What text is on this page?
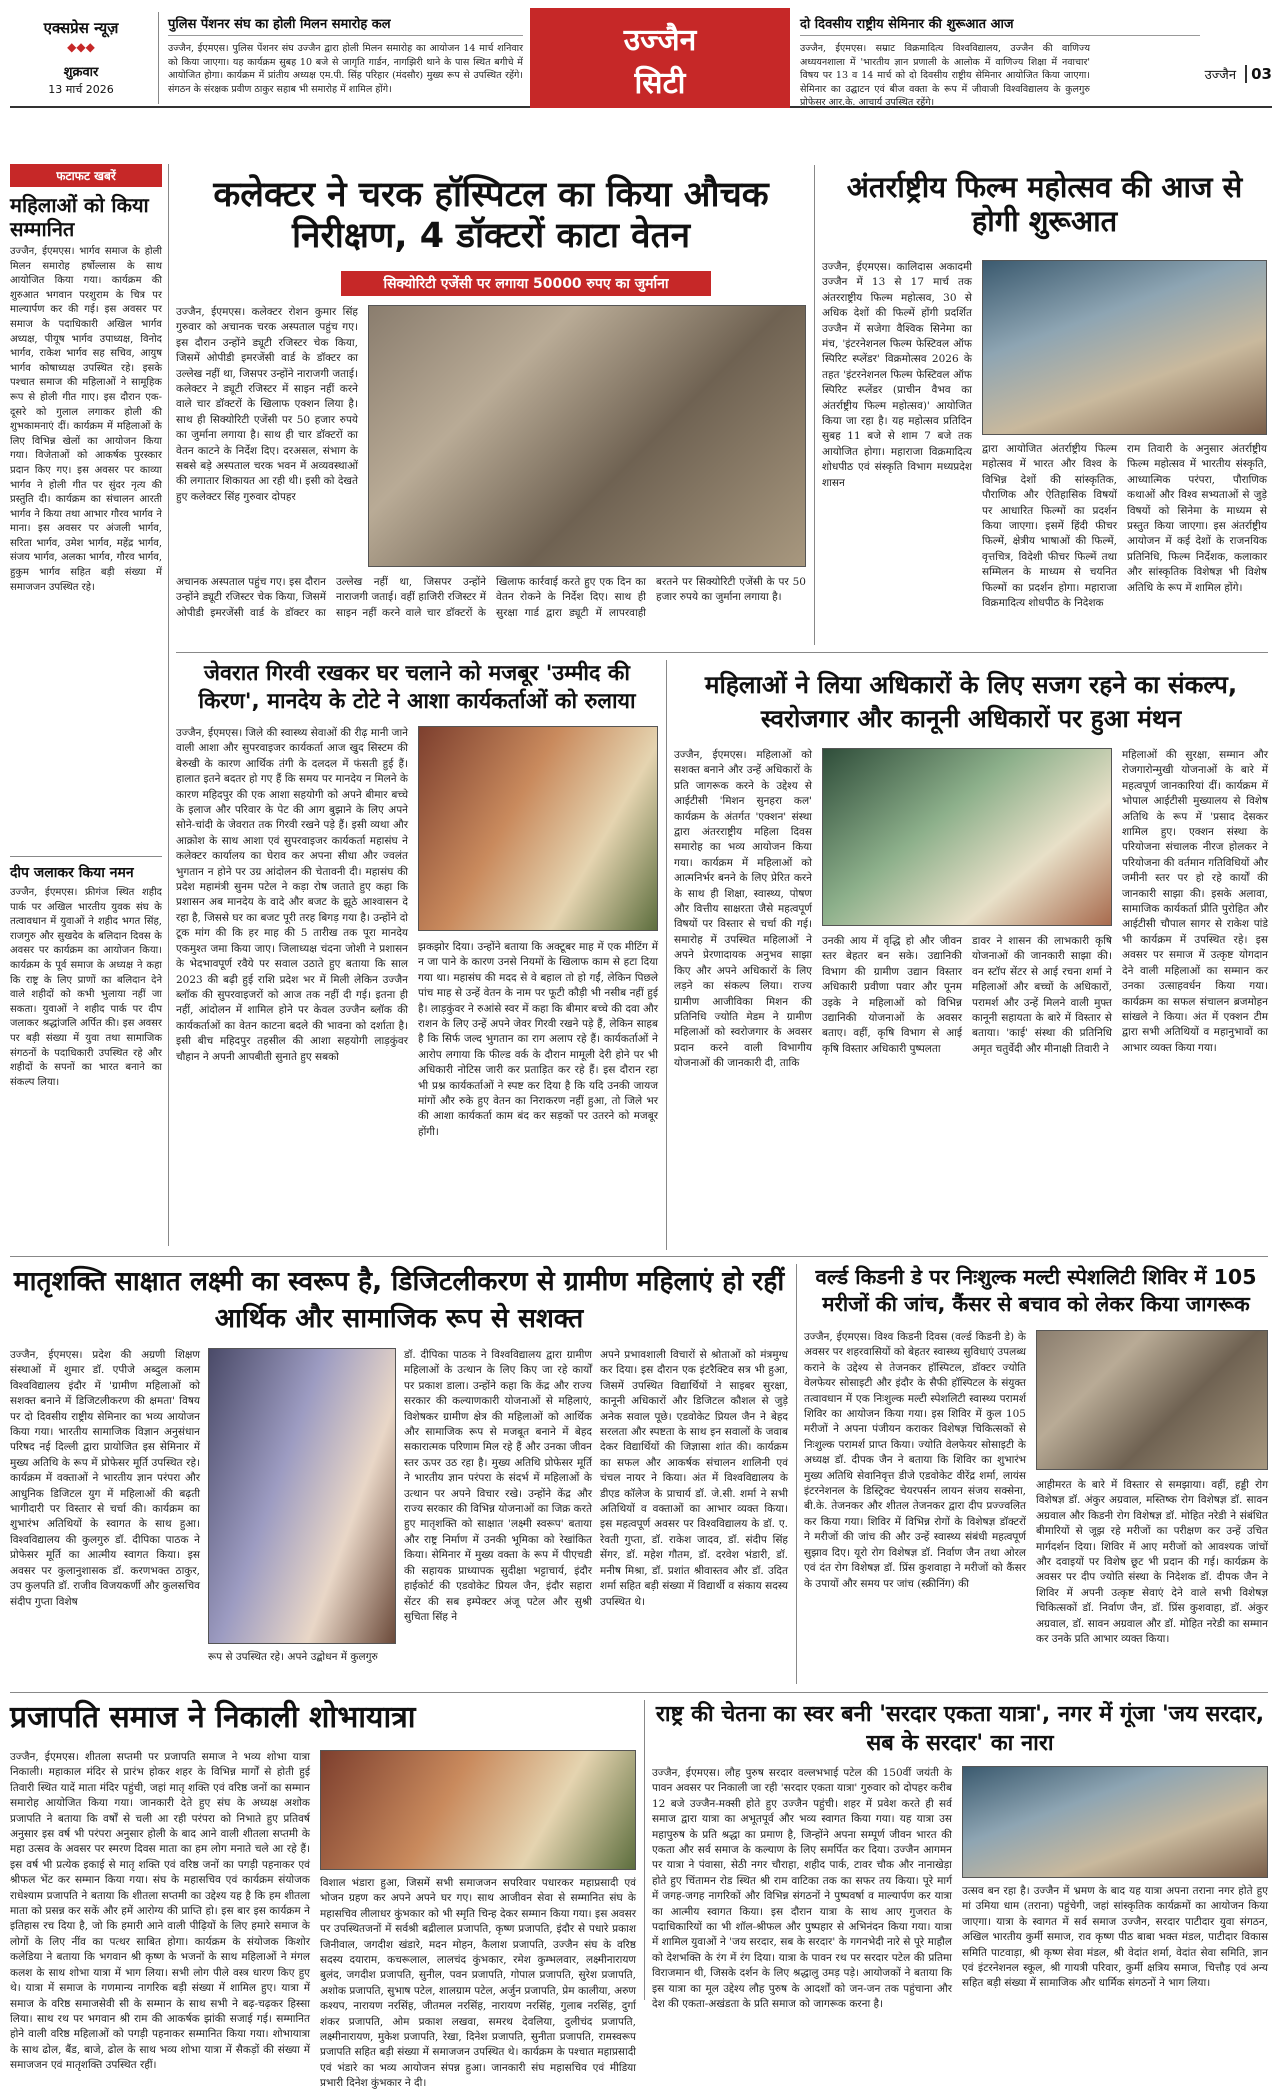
एक्सप्रेस न्यूज़
◆◆◆
शुक्रवार
13 मार्च 2026
पुलिस पेंशनर संघ का होली मिलन समारोह कल
उज्जैन, ईएमएस। पुलिस पेंशनर संघ उज्जैन द्वारा होली मिलन समारोह का आयोजन 14 मार्च शनिवार को किया जाएगा। यह कार्यक्रम सुबह 10 बजे से जागृति गार्डन, नागझिरी थाने के पास स्थित बगीचे में आयोजित होगा। कार्यक्रम में प्रांतीय अध्यक्ष एम.पी. सिंह परिहार (मंदसौर) मुख्य रूप से उपस्थित रहेंगे। संगठन के संरक्षक प्रवीण ठाकुर सहाब भी समारोह में शामिल होंगे।
उज्जैन
सिटी
दो दिवसीय राष्ट्रीय सेमिनार की शुरूआत आज
उज्जैन, ईएमएस। सम्राट विक्रमादित्य विश्वविद्यालय, उज्जैन की वाणिज्य अध्ययनशाला में 'भारतीय ज्ञान प्रणाली के आलोक में वाणिज्य शिक्षा में नवाचार' विषय पर 13 व 14 मार्च को दो दिवसीय राष्ट्रीय सेमिनार आयोजित किया जाएगा। सेमिनार का उद्घाटन एवं बीज वक्ता के रूप में जीवाजी विश्वविद्यालय के कुलगुरु प्रोफेसर आर.के. आचार्य उपस्थित रहेंगे।
उज्जैन 03
फटाफट खबरें
महिलाओं को किया सम्मानित
उज्जैन, ईएमएस। भार्गव समाज के होली मिलन समारोह हर्षोल्लास के साथ आयोजित किया गया। कार्यक्रम की शुरुआत भगवान परशुराम के चित्र पर माल्यार्पण कर की गई। इस अवसर पर समाज के पदाधिकारी अखिल भार्गव अध्यक्ष, पीयूष भार्गव उपाध्यक्ष, विनोद भार्गव, राकेश भार्गव सह सचिव, आयुष भार्गव कोषाध्यक्ष उपस्थित रहे। इसके पश्चात समाज की महिलाओं ने सामूहिक रूप से होली गीत गाए। इस दौरान एक-दूसरे को गुलाल लगाकर होली की शुभकामनाएं दीं। कार्यक्रम में महिलाओं के लिए विभिन्न खेलों का आयोजन किया गया। विजेताओं को आकर्षक पुरस्कार प्रदान किए गए। इस अवसर पर काव्या भार्गव ने होली गीत पर सुंदर नृत्य की प्रस्तुति दी। कार्यक्रम का संचालन आरती भार्गव ने किया तथा आभार गौरव भार्गव ने माना। इस अवसर पर अंजली भार्गव, सरिता भार्गव, उमेश भार्गव, महेंद्र भार्गव, संजय भार्गव, अलका भार्गव, गौरव भार्गव, हुकुम भार्गव सहित बड़ी संख्या में समाजजन उपस्थित रहे।
दीप जलाकर किया नमन
उज्जैन, ईएमएस। फ्रीगंज स्थित शहीद पार्क पर अखिल भारतीय युवक संघ के तत्वावधान में युवाओं ने शहीद भगत सिंह, राजगुरु और सुखदेव के बलिदान दिवस के अवसर पर कार्यक्रम का आयोजन किया। कार्यक्रम के पूर्व समाज के अध्यक्ष ने कहा कि राष्ट्र के लिए प्राणों का बलिदान देने वाले शहीदों को कभी भुलाया नहीं जा सकता। युवाओं ने शहीद पार्क पर दीप जलाकर श्रद्धांजलि अर्पित की। इस अवसर पर बड़ी संख्या में युवा तथा सामाजिक संगठनों के पदाधिकारी उपस्थित रहे और शहीदों के सपनों का भारत बनाने का संकल्प लिया।
कलेक्टर ने चरक हॉस्पिटल का किया औचक निरीक्षण, 4 डॉक्टरों काटा वेतन
सिक्योरिटी एजेंसी पर लगाया 50000 रुपए का जुर्माना
उज्जैन, ईएमएस। कलेक्टर रोशन कुमार सिंह गुरुवार को अचानक चरक अस्पताल पहुंच गए। इस दौरान उन्होंने ड्यूटी रजिस्टर चेक किया, जिसमें ओपीडी इमरजेंसी वार्ड के डॉक्टर का उल्लेख नहीं था, जिसपर उन्होंने नाराजगी जताई। कलेक्टर ने ड्यूटी रजिस्टर में साइन नहीं करने वाले चार डॉक्टरों के खिलाफ एक्शन लिया है। साथ ही सिक्योरिटी एजेंसी पर 50 हजार रुपये का जुर्माना लगाया है। साथ ही चार डॉक्टरों का वेतन काटने के निर्देश दिए। दरअसल, संभाग के सबसे बड़े अस्पताल चरक भवन में अव्यवस्थाओं की लगातार शिकायत आ रही थी। इसी को देखते हुए कलेक्टर सिंह गुरुवार दोपहर
अचानक अस्पताल पहुंच गए। इस दौरान उन्होंने ड्यूटी रजिस्टर चेक किया, जिसमें ओपीडी इमरजेंसी वार्ड के डॉक्टर का उल्लेख नहीं था, जिसपर उन्होंने नाराजगी जताई। वहीं हाजिरी रजिस्टर में साइन नहीं करने वाले चार डॉक्टरों के खिलाफ कार्रवाई करते हुए एक दिन का वेतन रोकने के निर्देश दिए। साथ ही सुरक्षा गार्ड द्वारा ड्यूटी में लापरवाही बरतने पर सिक्योरिटी एजेंसी के पर 50 हजार रुपये का जुर्माना लगाया है।
अंतर्राष्ट्रीय फिल्म महोत्सव की आज से होगी शुरूआत
उज्जैन, ईएमएस। कालिदास अकादमी उज्जैन में 13 से 17 मार्च तक अंतरराष्ट्रीय फिल्म महोत्सव, 30 से अधिक देशों की फिल्में होंगी प्रदर्शित उज्जैन में सजेगा वैश्विक सिनेमा का मंच, 'इंटरनेशनल फिल्म फेस्टिवल ऑफ स्पिरिट स्प्लेंडर' विक्रमोत्सव 2026 के तहत 'इंटरनेशनल फिल्म फेस्टिवल ऑफ स्पिरिट स्प्लेंडर (प्राचीन वैभव का अंतर्राष्ट्रीय फिल्म महोत्सव)' आयोजित किया जा रहा है। यह महोत्सव प्रतिदिन सुबह 11 बजे से शाम 7 बजे तक आयोजित होगा। महाराजा विक्रमादित्य शोधपीठ एवं संस्कृति विभाग मध्यप्रदेश शासन
द्वारा आयोजित अंतर्राष्ट्रीय फिल्म महोत्सव में भारत और विश्व के विभिन्न देशों की सांस्कृतिक, पौराणिक और ऐतिहासिक विषयों पर आधारित फिल्मों का प्रदर्शन किया जाएगा। इसमें हिंदी फीचर फिल्में, क्षेत्रीय भाषाओं की फिल्में, वृत्तचित्र, विदेशी फीचर फिल्में तथा सम्मिलन के माध्यम से चयनित फिल्मों का प्रदर्शन होगा। महाराजा विक्रमादित्य शोधपीठ के निदेशक
राम तिवारी के अनुसार अंतर्राष्ट्रीय फिल्म महोत्सव में भारतीय संस्कृति, आध्यात्मिक परंपरा, पौराणिक कथाओं और विश्व सभ्यताओं से जुड़े विषयों को सिनेमा के माध्यम से प्रस्तुत किया जाएगा। इस अंतर्राष्ट्रीय आयोजन में कई देशों के राजनयिक प्रतिनिधि, फिल्म निर्देशक, कलाकार और सांस्कृतिक विशेषज्ञ भी विशेष अतिथि के रूप में शामिल होंगे।
जेवरात गिरवी रखकर घर चलाने को मजबूर 'उम्मीद की किरण', मानदेय के टोटे ने आशा कार्यकर्ताओं को रुलाया
उज्जैन, ईएमएस। जिले की स्वास्थ्य सेवाओं की रीढ़ मानी जाने वाली आशा और सुपरवाइजर कार्यकर्ता आज खुद सिस्टम की बेरुखी के कारण आर्थिक तंगी के दलदल में फंसती हुई हैं। हालात इतने बदतर हो गए हैं कि समय पर मानदेय न मिलने के कारण महिदपुर की एक आशा सहयोगी को अपने बीमार बच्चे के इलाज और परिवार के पेट की आग बुझाने के लिए अपने सोने-चांदी के जेवरात तक गिरवी रखने पड़े हैं। इसी व्यथा और आक्रोश के साथ आशा एवं सुपरवाइजर कार्यकर्ता महासंघ ने कलेक्टर कार्यालय का घेराव कर अपना सीधा और ज्वलंत भुगतान न होने पर उग्र आंदोलन की चेतावनी दी। महासंघ की प्रदेश महामंत्री सुनम पटेल ने कड़ा रोष जताते हुए कहा कि प्रशासन अब मानदेय के वादे और बजट के झूठे आश्वासन दे रहा है, जिससे घर का बजट पूरी तरह बिगड़ गया है। उन्होंने दो टूक मांग की कि हर माह की 5 तारीख तक पूरा मानदेय एकमुश्त जमा किया जाए। जिलाध्यक्ष चंदना जोशी ने प्रशासन के भेदभावपूर्ण रवैये पर सवाल उठाते हुए बताया कि साल 2023 की बढ़ी हुई राशि प्रदेश भर में मिली लेकिन उज्जैन ब्लॉक की सुपरवाइजरों को आज तक नहीं दी गई। इतना ही नहीं, आंदोलन में शामिल होने पर केवल उज्जैन ब्लॉक की कार्यकर्ताओं का वेतन काटना बदले की भावना को दर्शाता है। इसी बीच महिदपुर तहसील की आशा सहयोगी लाड़कुंवर चौहान ने अपनी आपबीती सुनाते हुए सबको
झकझोर दिया। उन्होंने बताया कि अक्टूबर माह में एक मीटिंग में न जा पाने के कारण उनसे नियमों के खिलाफ काम से हटा दिया गया था। महासंघ की मदद से वे बहाल तो हो गईं, लेकिन पिछले पांच माह से उन्हें वेतन के नाम पर फूटी कौड़ी भी नसीब नहीं हुई है। लाड़कुंवर ने रुआंसे स्वर में कहा कि बीमार बच्चे की दवा और राशन के लिए उन्हें अपने जेवर गिरवी रखने पड़े हैं, लेकिन साहब है कि सिर्फ जल्द भुगतान का राग अलाप रहे हैं। कार्यकर्ताओं ने आरोप लगाया कि फील्ड वर्क के दौरान मामूली देरी होने पर भी अधिकारी नोटिस जारी कर प्रताड़ित कर रहे हैं। इस दौरान रहा भी प्रश्न कार्यकर्ताओं ने स्पष्ट कर दिया है कि यदि उनकी जायज मांगों और रुके हुए वेतन का निराकरण नहीं हुआ, तो जिले भर की आशा कार्यकर्ता काम बंद कर सड़कों पर उतरने को मजबूर होंगी।
महिलाओं ने लिया अधिकारों के लिए सजग रहने का संकल्प, स्वरोजगार और कानूनी अधिकारों पर हुआ मंथन
उज्जैन, ईएमएस। महिलाओं को सशक्त बनाने और उन्हें अधिकारों के प्रति जागरूक करने के उद्देश्य से आईटीसी 'मिशन सुनहरा कल' कार्यक्रम के अंतर्गत 'एक्शन' संस्था द्वारा अंतरराष्ट्रीय महिला दिवस समारोह का भव्य आयोजन किया गया। कार्यक्रम में महिलाओं को आत्मनिर्भर बनने के लिए प्रेरित करने के साथ ही शिक्षा, स्वास्थ्य, पोषण और वित्तीय साक्षरता जैसे महत्वपूर्ण विषयों पर विस्तार से चर्चा की गई। समारोह में उपस्थित महिलाओं ने अपने प्रेरणादायक अनुभव साझा किए और अपने अधिकारों के लिए लड़ने का संकल्प लिया। राज्य ग्रामीण आजीविका मिशन की प्रतिनिधि ज्योति मेडम ने ग्रामीण महिलाओं को स्वरोजगार के अवसर प्रदान करने वाली विभागीय योजनाओं की जानकारी दी, ताकि
उनकी आय में वृद्धि हो और जीवन स्तर बेहतर बन सके। उद्यानिकी विभाग की ग्रामीण उद्यान विस्तार अधिकारी प्रवीणा पवार और पूनम उइके ने महिलाओं को विभिन्न उद्यानिकी योजनाओं के अवसर बताए। वहीं, कृषि विभाग से आई कृषि विस्तार अधिकारी पुष्पलता
डावर ने शासन की लाभकारी कृषि योजनाओं की जानकारी साझा की। वन स्टॉप सेंटर से आई रचना शर्मा ने महिलाओं और बच्चों के अधिकारों, परामर्श और उन्हें मिलने वाली मुफ्त कानूनी सहायता के बारे में विस्तार से बताया। 'काई' संस्था की प्रतिनिधि अमृत चतुर्वेदी और मीनाक्षी तिवारी ने
महिलाओं की सुरक्षा, सम्मान और रोजगारोन्मुखी योजनाओं के बारे में महत्वपूर्ण जानकारियां दीं। कार्यक्रम में भोपाल आईटीसी मुख्यालय से विशेष अतिथि के रूप में 'प्रसाद देसकर शामिल हुए। एक्शन संस्था के परियोजना संचालक नीरज होलकर ने परियोजना की वर्तमान गतिविधियों और जमीनी स्तर पर हो रहे कार्यों की जानकारी साझा की। इसके अलावा, सामाजिक कार्यकर्ता प्रीति पुरोहित और आईटीसी चौपाल सागर से राकेश पांडे भी कार्यक्रम में उपस्थित रहे। इस अवसर पर समाज में उत्कृष्ट योगदान देने वाली महिलाओं का सम्मान कर उनका उत्साहवर्धन किया गया। कार्यक्रम का सफल संचालन ब्रजमोहन सांखले ने किया। अंत में एक्शन टीम द्वारा सभी अतिथियों व महानुभावों का आभार व्यक्त किया गया।
मातृशक्ति साक्षात लक्ष्मी का स्वरूप है, डिजिटलीकरण से ग्रामीण महिलाएं हो रहीं आर्थिक और सामाजिक रूप से सशक्त
उज्जैन, ईएमएस। प्रदेश की अग्रणी शिक्षण संस्थाओं में शुमार डॉ. एपीजे अब्दुल कलाम विश्वविद्यालय इंदौर में 'ग्रामीण महिलाओं को सशक्त बनाने में डिजिटलीकरण की क्षमता' विषय पर दो दिवसीय राष्ट्रीय सेमिनार का भव्य आयोजन किया गया। भारतीय सामाजिक विज्ञान अनुसंधान परिषद नई दिल्ली द्वारा प्रायोजित इस सेमिनार में मुख्य अतिथि के रूप में प्रोफेसर मूर्ति उपस्थित रहे। कार्यक्रम में वक्ताओं ने भारतीय ज्ञान परंपरा और आधुनिक डिजिटल युग में महिलाओं की बढ़ती भागीदारी पर विस्तार से चर्चा की। कार्यक्रम का शुभारंभ अतिथियों के स्वागत के साथ हुआ। विश्वविद्यालय की कुलगुरु डॉ. दीपिका पाठक ने प्रोफेसर मूर्ति का आत्मीय स्वागत किया। इस अवसर पर कुलानुशासक डॉ. करणभक्त ठाकुर, उप कुलपति डॉ. राजीव विजयकर्णी और कुलसचिव संदीप गुप्ता विशेष
रूप से उपस्थित रहे। अपने उद्बोधन में कुलगुरु
डॉ. दीपिका पाठक ने विश्वविद्यालय द्वारा ग्रामीण महिलाओं के उत्थान के लिए किए जा रहे कार्यों पर प्रकाश डाला। उन्होंने कहा कि केंद्र और राज्य सरकार की कल्याणकारी योजनाओं से महिलाएं, विशेषकर ग्रामीण क्षेत्र की महिलाओं को आर्थिक और सामाजिक रूप से मजबूत बनाने में बेहद सकारात्मक परिणाम मिल रहे हैं और उनका जीवन स्तर ऊपर उठ रहा है। मुख्य अतिथि प्रोफेसर मूर्ति ने भारतीय ज्ञान परंपरा के संदर्भ में महिलाओं के उत्थान पर अपने विचार रखे। उन्होंने केंद्र और राज्य सरकार की विभिन्न योजनाओं का जिक्र करते हुए मातृशक्ति को साक्षात 'लक्ष्मी स्वरूप' बताया और राष्ट्र निर्माण में उनकी भूमिका को रेखांकित किया। सेमिनार में मुख्य वक्ता के रूप में पीएचडी की सहायक प्राध्यापक सुदीक्षा भट्टाचार्य, इंदौर हाईकोर्ट की एडवोकेट प्रियल जैन, इंदौर सहारा सेंटर की सब इम्पेक्टर अंजू पटेल और सुश्री सुचिता सिंह ने
अपने प्रभावशाली विचारों से श्रोताओं को मंत्रमुग्ध कर दिया। इस दौरान एक इंटरैक्टिव सत्र भी हुआ, जिसमें उपस्थित विद्यार्थियों ने साइबर सुरक्षा, कानूनी अधिकारों और डिजिटल कौशल से जुड़े अनेक सवाल पूछे। एडवोकेट प्रियल जैन ने बेहद सरलता और स्पष्टता के साथ इन सवालों के जवाब देकर विद्यार्थियों की जिज्ञासा शांत की। कार्यक्रम का सफल और आकर्षक संचालन शालिनी एवं चंचल नायर ने किया। अंत में विश्वविद्यालय के डीएड कॉलेज के प्राचार्य डॉ. जे.सी. शर्मा ने सभी अतिथियों व वक्ताओं का आभार व्यक्त किया। इस महत्वपूर्ण अवसर पर विश्वविद्यालय के डॉ. ए. रेवती गुप्ता, डॉ. राकेश जादव, डॉ. संदीप सिंह सेंगर, डॉ. महेश गौतम, डॉ. दरवेश भंडारी, डॉ. मनीष मिश्रा, डॉ. प्रशांत श्रीवास्तव और डॉ. उदित शर्मा सहित बड़ी संख्या में विद्यार्थी व संकाय सदस्य उपस्थित थे।
वर्ल्ड किडनी डे पर निःशुल्क मल्टी स्पेशलिटी शिविर में 105 मरीजों की जांच, कैंसर से बचाव को लेकर किया जागरूक
उज्जैन, ईएमएस। विश्व किडनी दिवस (वर्ल्ड किडनी डे) के अवसर पर शहरवासियों को बेहतर स्वास्थ्य सुविधाएं उपलब्ध कराने के उद्देश्य से तेजनकर हॉस्पिटल, डॉक्टर ज्योति वेलफेयर सोसाइटी और इंदौर के सैफी हॉस्पिटल के संयुक्त तत्वावधान में एक निःशुल्क मल्टी स्पेशलिटी स्वास्थ्य परामर्श शिविर का आयोजन किया गया। इस शिविर में कुल 105 मरीजों ने अपना पंजीयन कराकर विशेषज्ञ चिकित्सकों से निःशुल्क परामर्श प्राप्त किया। ज्योति वेलफेयर सोसाइटी के अध्यक्ष डॉ. दीपक जैन ने बताया कि शिविर का शुभारंभ मुख्य अतिथि सेवानिवृत्त डीजे एडवोकेट वीरेंद्र शर्मा, लायंस इंटरनेशनल के डिस्ट्रिक्ट चेयरपर्सन लायन संजय सक्सेना, बी.के. तेजनकर और शीतल तेजनकर द्वारा दीप प्रज्ज्वलित कर किया गया। शिविर में विभिन्न रोगों के विशेषज्ञ डॉक्टरों ने मरीजों की जांच की और उन्हें स्वास्थ्य संबंधी महत्वपूर्ण सुझाव दिए। यूरो रोग विशेषज्ञ डॉ. निर्वाण जैन तथा ओरल एवं दंत रोग विशेषज्ञ डॉ. प्रिंस कुशवाहा ने मरीजों को कैंसर के उपायों और समय पर जांच (स्क्रीनिंग) की
आहीमरत के बारे में विस्तार से समझाया। वहीं, हड्डी रोग विशेषज्ञ डॉ. अंकुर अग्रवाल, मस्तिष्क रोग विशेषज्ञ डॉ. सावन अग्रवाल और किडनी रोग विशेषज्ञ डॉ. मोहित नरेडी ने संबंधित बीमारियों से जूझ रहे मरीजों का परीक्षण कर उन्हें उचित मार्गदर्शन दिया। शिविर में आए मरीजों को आवश्यक जांचों और दवाइयों पर विशेष छूट भी प्रदान की गई। कार्यक्रम के अवसर पर दीप ज्योति संस्था के निदेशक डॉ. दीपक जैन ने शिविर में अपनी उत्कृष्ट सेवाएं देने वाले सभी विशेषज्ञ चिकित्सकों डॉ. निर्वाण जैन, डॉ. प्रिंस कुशवाहा, डॉ. अंकुर अग्रवाल, डॉ. सावन अग्रवाल और डॉ. मोहित नरेडी का सम्मान कर उनके प्रति आभार व्यक्त किया।
प्रजापति समाज ने निकाली शोभायात्रा
उज्जैन, ईएमएस। शीतला सप्तमी पर प्रजापति समाज ने भव्य शोभा यात्रा निकाली। महाकाल मंदिर से प्रारंभ होकर शहर के विभिन्न मार्गों से होती हुई तिवारी स्थित यादें माता मंदिर पहुंची, जहां मातृ शक्ति एवं वरिष्ठ जनों का सम्मान समारोह आयोजित किया गया। जानकारी देते हुए संघ के अध्यक्ष अशोक प्रजापति ने बताया कि वर्षों से चली आ रही परंपरा को निभाते हुए प्रतिवर्ष अनुसार इस वर्ष भी परंपरा अनुसार होली के बाद आने वाली शीतला सप्तमी के महा उत्सव के अवसर पर स्मरण दिवस माता का हम लोग मनाते चले आ रहे हैं। इस वर्ष भी प्रत्येक इकाई से मातृ शक्ति एवं वरिष्ठ जनों का पगड़ी पहनाकर एवं श्रीफल भेंट कर सम्मान किया गया। संघ के महासचिव एवं कार्यक्रम संयोजक राधेश्याम प्रजापति ने बताया कि शीतला सप्तमी का उद्देश्य यह है कि हम शीतला माता को प्रसन्न कर सकें और हमें आरोग्य की प्राप्ति हो। इस बार इस कार्यक्रम ने इतिहास रच दिया है, जो कि हमारी आने वाली पीढ़ियों के लिए हमारे समाज के लोगों के लिए नींव का पत्थर साबित होगा। कार्यक्रम के संयोजक किशोर कलेडिया ने बताया कि भगवान श्री कृष्ण के भजनों के साथ महिलाओं ने मंगल कलश के साथ शोभा यात्रा में भाग लिया। सभी लोग पीले वस्त्र धारण किए हुए थे। यात्रा में समाज के गणमान्य नागरिक बड़ी संख्या में शामिल हुए। यात्रा में समाज के वरिष्ठ समाजसेवी सी के सम्मान के साथ सभी ने बढ़-चढ़कर हिस्सा लिया। साथ रथ पर भगवान श्री राम की आकर्षक झांकी सजाई गई। सम्मानित होने वाली वरिष्ठ महिलाओं को पगड़ी पहनाकर सम्मानित किया गया। शोभायात्रा के साथ ढोल, बैंड, बाजे, ढोल के साथ भव्य शोभा यात्रा में सैकड़ों की संख्या में समाजजन एवं मातृशक्ति उपस्थित रहीं।
विशाल भंडारा हुआ, जिसमें सभी समाजजन सपरिवार पधारकर महाप्रसादी एवं भोजन ग्रहण कर अपने अपने घर गए। साथ आजीवन सेवा से सम्मानित संघ के महासचिव लीलाधर कुंभकार को भी स्मृति चिन्ह देकर सम्मान किया गया। इस अवसर पर उपस्थितजनों में सर्वश्री बद्रीलाल प्रजापति, कृष्ण प्रजापति, इंदौर से पधारे प्रकाश जिनीवाल, जगदीश खंडारे, मदन मोहन, कैलाश प्रजापति, उज्जैन संघ के वरिष्ठ सदस्य दयाराम, कचरूलाल, लालचंद कुंभकार, रमेश कुम्भलवार, लक्ष्मीनारायण बुलंद, जगदीश प्रजापति, सुनील, पवन प्रजापति, गोपाल प्रजापति, सुरेश प्रजापति, अशोक प्रजापति, सुभाष पटेल, शालग्राम पटेल, अर्जुन प्रजापति, प्रेम कालीया, अरुण कश्यप, नारायण नरसिंह, जीतमल नरसिंह, नारायण नरसिंह, गुलाब नरसिंह, दुर्गा शंकर प्रजापति, ओम प्रकाश लखवा, समरथ देवलिया, दुलीचंद प्रजापति, लक्ष्मीनारायण, मुकेश प्रजापति, रेखा, दिनेश प्रजापति, सुनीता प्रजापति, रामस्वरूप प्रजापति सहित बड़ी संख्या में समाजजन उपस्थित थे। कार्यक्रम के पश्चात महाप्रसादी एवं भंडारे का भव्य आयोजन संपन्न हुआ। जानकारी संघ महासचिव एवं मीडिया प्रभारी दिनेश कुंभकार ने दी।
राष्ट्र की चेतना का स्वर बनी 'सरदार एकता यात्रा', नगर में गूंजा 'जय सरदार, सब के सरदार' का नारा
उज्जैन, ईएमएस। लौह पुरुष सरदार वल्लभभाई पटेल की 150वीं जयंती के पावन अवसर पर निकाली जा रही 'सरदार एकता यात्रा' गुरुवार को दोपहर करीब 12 बजे उज्जैन-मक्सी होते हुए उज्जैन पहुंची। शहर में प्रवेश करते ही सर्व समाज द्वारा यात्रा का अभूतपूर्व और भव्य स्वागत किया गया। यह यात्रा उस महापुरुष के प्रति श्रद्धा का प्रमाण है, जिन्होंने अपना सम्पूर्ण जीवन भारत की एकता और सर्व समाज के कल्याण के लिए समर्पित कर दिया। उज्जैन आगमन पर यात्रा ने पंवासा, सेठी नगर चौराहा, शहीद पार्क, टावर चौक और नानाखेड़ा होते हुए चिंतामन रोड स्थित श्री राम वाटिका तक का सफर तय किया। पूरे मार्ग में जगह-जगह नागरिकों और विभिन्न संगठनों ने पुष्पवर्षा व माल्यार्पण कर यात्रा का आत्मीय स्वागत किया। इस दौरान यात्रा के साथ आए गुजरात के पदाधिकारियों का भी शॉल-श्रीफल और पुष्पहार से अभिनंदन किया गया। यात्रा में शामिल युवाओं ने 'जय सरदार, सब के सरदार' के गगनभेदी नारे से पूरे माहौल को देशभक्ति के रंग में रंग दिया। यात्रा के पावन रथ पर सरदार पटेल की प्रतिमा विराजमान थी, जिसके दर्शन के लिए श्रद्धालु उमड़ पड़े। आयोजकों ने बताया कि इस यात्रा का मूल उद्देश्य लौह पुरुष के आदर्शों को जन-जन तक पहुंचाना और देश की एकता-अखंडता के प्रति समाज को जागरूक करना है।
उत्सव बन रहा है। उज्जैन में भ्रमण के बाद यह यात्रा अपना तराना नगर होते हुए मां उमिया धाम (तराना) पहुंचेगी, जहां सांस्कृतिक कार्यक्रमों का आयोजन किया जाएगा। यात्रा के स्वागत में सर्व समाज उज्जैन, सरदार पाटीदार युवा संगठन, अखिल भारतीय कुर्मी समाज, राव कृष्ण पीठ बाबा भक्त मंडल, पाटीदार विकास समिति पाटवाड़ा, श्री कृष्ण सेवा मंडल, श्री वेदांत शर्मा, वेदांत सेवा समिति, ज्ञान एवं इंटरनेशनल स्कूल, श्री गायत्री परिवार, कुर्मी क्षत्रिय समाज, चित्तौड़ एवं अन्य सहित बड़ी संख्या में सामाजिक और धार्मिक संगठनों ने भाग लिया।
